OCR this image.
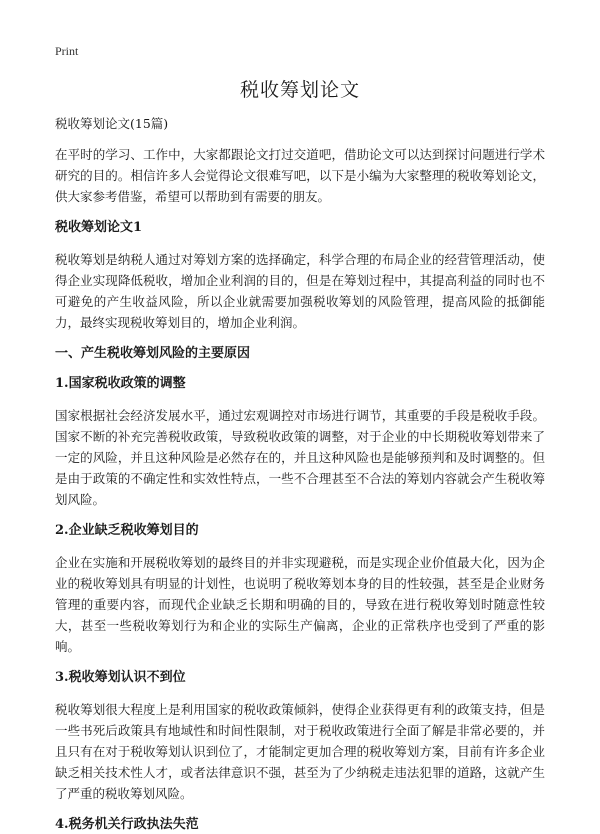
Print
税收筹划论文
税收筹划论文(15篇)

在平时的学习、工作中，大家都跟论文打过交道吧，借助论文可以达到探讨问题进行学术研究的目的。相信许多人会觉得论文很难写吧，以下是小编为大家整理的税收筹划论文，供大家参考借鉴，希望可以帮助到有需要的朋友。

税收筹划论文1

税收筹划是纳税人通过对筹划方案的选择确定，科学合理的布局企业的经营管理活动，使得企业实现降低税收，增加企业利润的目的，但是在筹划过程中，其提高利益的同时也不可避免的产生收益风险，所以企业就需要加强税收筹划的风险管理，提高风险的抵御能力，最终实现税收筹划目的，增加企业利润。

一、产生税收筹划风险的主要原因
1.国家税收政策的调整

国家根据社会经济发展水平，通过宏观调控对市场进行调节，其重要的手段是税收手段。国家不断的补充完善税收政策，导致税收政策的调整，对于企业的中长期税收筹划带来了一定的风险，并且这种风险是必然存在的，并且这种风险也是能够预判和及时调整的。但是由于政策的不确定性和实效性特点，一些不合理甚至不合法的筹划内容就会产生税收筹划风险。

2.企业缺乏税收筹划目的

企业在实施和开展税收筹划的最终目的并非实现避税，而是实现企业价值最大化，因为企业的税收筹划具有明显的计划性，也说明了税收筹划本身的目的性较强，甚至是企业财务管理的重要内容，而现代企业缺乏长期和明确的目的，导致在进行税收筹划时随意性较大，甚至一些税收筹划行为和企业的实际生产偏离，企业的正常秩序也受到了严重的影响。

3.税收筹划认识不到位

税收筹划很大程度上是利用国家的税收政策倾斜，使得企业获得更有利的政策支持，但是一些书死后政策具有地域性和时间性限制，对于税收政策进行全面了解是非常必要的，并且只有在对于税收筹划认识到位了，才能制定更加合理的税收筹划方案，目前有许多企业缺乏相关技术性人才，或者法律意识不强，甚至为了少纳税走违法犯罪的道路，这就产生了严重的税收筹划风险。

4.税务机关行政执法失范
